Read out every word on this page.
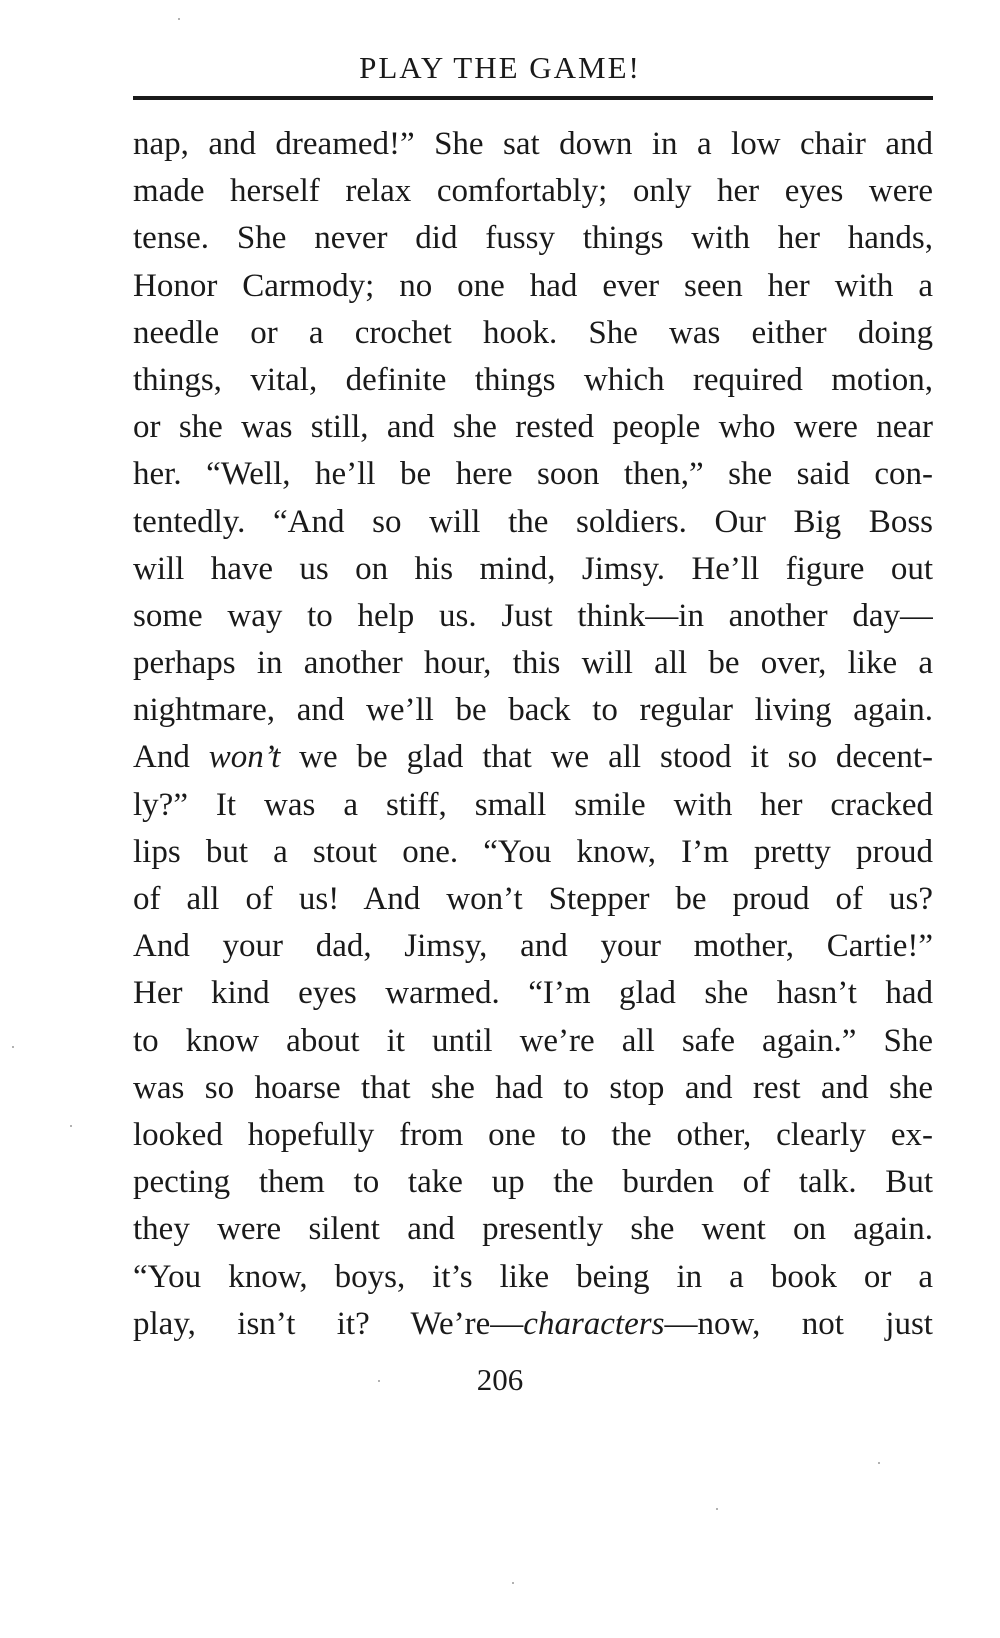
PLAY THE GAME!
nap, and dreamed!” She sat down in a low chair and
made herself relax comfortably; only her eyes were
tense. She never did fussy things with her hands,
Honor Carmody; no one had ever seen her with a
needle or a crochet hook. She was either doing
things, vital, definite things which required motion,
or she was still, and she rested people who were near
her. “Well, he’ll be here soon then,” she said con-
tentedly. “And so will the soldiers. Our Big Boss
will have us on his mind, Jimsy. He’ll figure out
some way to help us. Just think—in another day—
perhaps in another hour, this will all be over, like a
nightmare, and we’ll be back to regular living again.
And won’t we be glad that we all stood it so decent-
ly?” It was a stiff, small smile with her cracked
lips but a stout one. “You know, I’m pretty proud
of all of us! And won’t Stepper be proud of us?
And your dad, Jimsy, and your mother, Cartie!”
Her kind eyes warmed. “I’m glad she hasn’t had
to know about it until we’re all safe again.” She
was so hoarse that she had to stop and rest and she
looked hopefully from one to the other, clearly ex-
pecting them to take up the burden of talk. But
they were silent and presently she went on again.
“You know, boys, it’s like being in a book or a
play, isn’t it? We’re—characters—now, not just
206
